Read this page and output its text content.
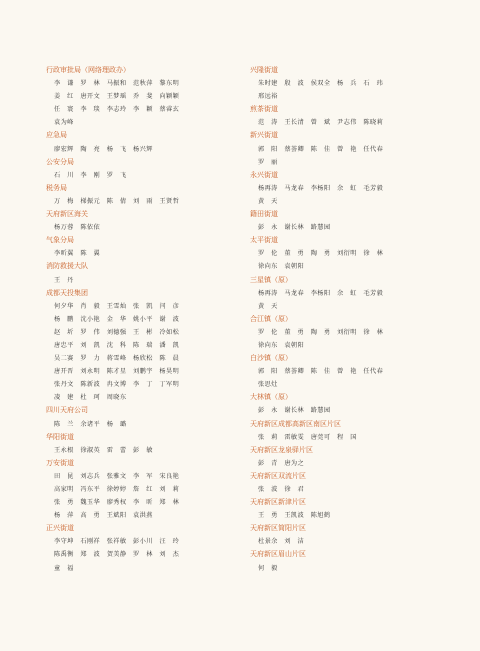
行政审批局（网络理政办）
李　谦　罗　林　马振和　范秋萍　黎东明
姜　红　唐开文　王梦瑶　乔　斐　向颖颖
任　寰　李　琰　李志玲　李　颖　蔡睿玄
袁为峰
应急局
廖宏辉　陶　亮　杨　飞　杨兴辉
公安分局
石　川　李　刚　罗　飞
税务局
万　梅　梯振元　陈　倩　刘　雨　王贤哲
天府新区海关
杨万蓉　陈依依
气象分局
李昕翼　陈　翼
消防救援大队
王　丹
成都天投集团
何夕华　肖　毅　王雪灿　张　凯　闫　彦
杨　鹏　沈小艳　金　华　姚小平　谢　波
赵　圻　罗　伟　刘德强　王　彬　冷如松
唐忠平　刘　凯　沈　科　陈　瑞　潘　凯
吴二赛　罗　力　蒋雪峰　杨欣松　陈　晨
唐开晋　刘永明　陈才星　刘鹏宇　杨昊明
张丹文　陈新波　冉文博　李　丁　丁军明
凌　建　杜　珂　周晓东
四川天府公司
陈　兰　余诸平　杨　璐
华阳街道
王永根　徐淑英　雷　蕾　彭　敏
万安街道
田　昆　刘志兵　张雅文　李　军　宋良艳
高家明　冯东平　徐婷婷　詹　红　刘　莉
张　勇　魏玉华　廖秀权　李　昕　郑　林
杨　萍　高　勇　王斌阳　袁洪燕
正兴街道
李守坤　石刚祥　张祥敏　彭小川　汪　玲
陈禹衡　郑　波　贺美静　罗　林　刘　杰
童　福
兴隆街道
朱时建　殷　波　侯双全　杨　兵　石　玮
邢远裕
煎茶街道
范　涛　王长清　曾　斌　尹志伟　陈晓莉
新兴街道
郭　阳　蔡荟卿　陈　佳　曾　艳　任代春
罗　丽
永兴街道
杨再涛　马龙春　李杨阳　余　虹　毛芳毅
黄　天
籍田街道
彭　永　谢长林　路慧园
太平街道
罗　伦　董　勇　陶　勇　刘衍明　徐　林
徐向东　袁朝阳
三星镇（原）
杨再涛　马龙春　李杨阳　余　虹　毛芳毅
黄　天
合江镇（原）
罗　伦　董　勇　陶　勇　刘衍明　徐　林
徐向东　袁朝阳
白沙镇（原）
郭　阳　蔡荟卿　陈　佳　曾　艳　任代春
张思灶
大林镇（原）
彭　永　谢长林　路慧园
天府新区成都高新区南区片区
张　莉　雷敏雯　唐莞可　程　国
天府新区龙泉驿片区
彭　青　唐为之
天府新区双流片区
张　波　徐　君
天府新区新津片区
王　勇　王凯波　陈旭鹤
天府新区简阳片区
杜景余　刘　洁
天府新区眉山片区
何　毅
